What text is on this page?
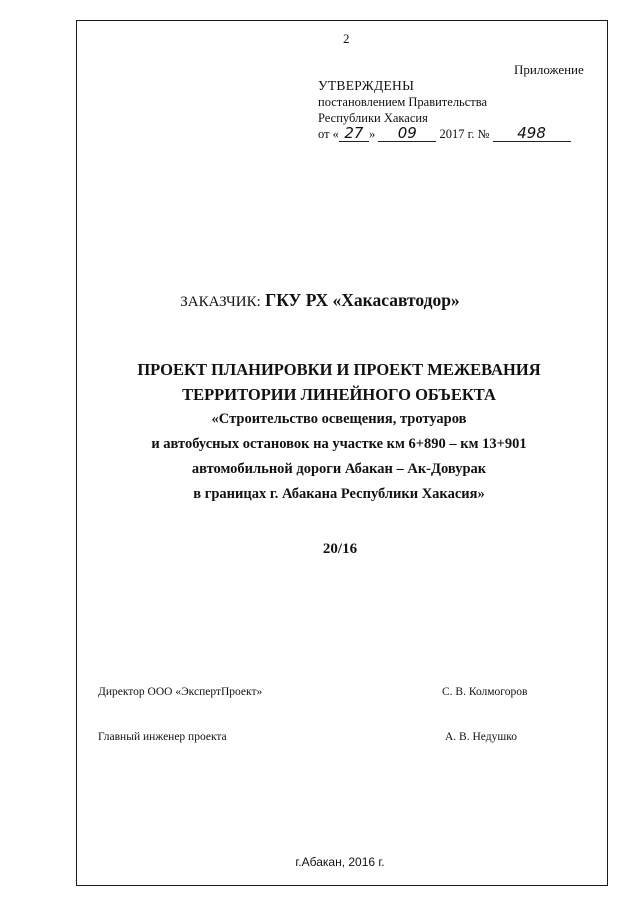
2
Приложение
УТВЕРЖДЕНЫ
постановлением Правительства
Республики Хакасия
от « 27 » 09 2017 г. № 498
ЗАКАЗЧИК: ГКУ РХ «Хакасавтодор»
ПРОЕКТ ПЛАНИРОВКИ И ПРОЕКТ МЕЖЕВАНИЯ
ТЕРРИТОРИИ ЛИНЕЙНОГО ОБЪЕКТА
«Строительство освещения, тротуаров
и автобусных остановок на участке км 6+890 – км 13+901
автомобильной дороги Абакан – Ак-Довурак
в границах г. Абакана Республики Хакасия»
20/16
Директор ООО «ЭкспертПроект»	С. В. Колмогоров
Главный инженер проекта	А. В. Недушко
г.Абакан, 2016 г.
